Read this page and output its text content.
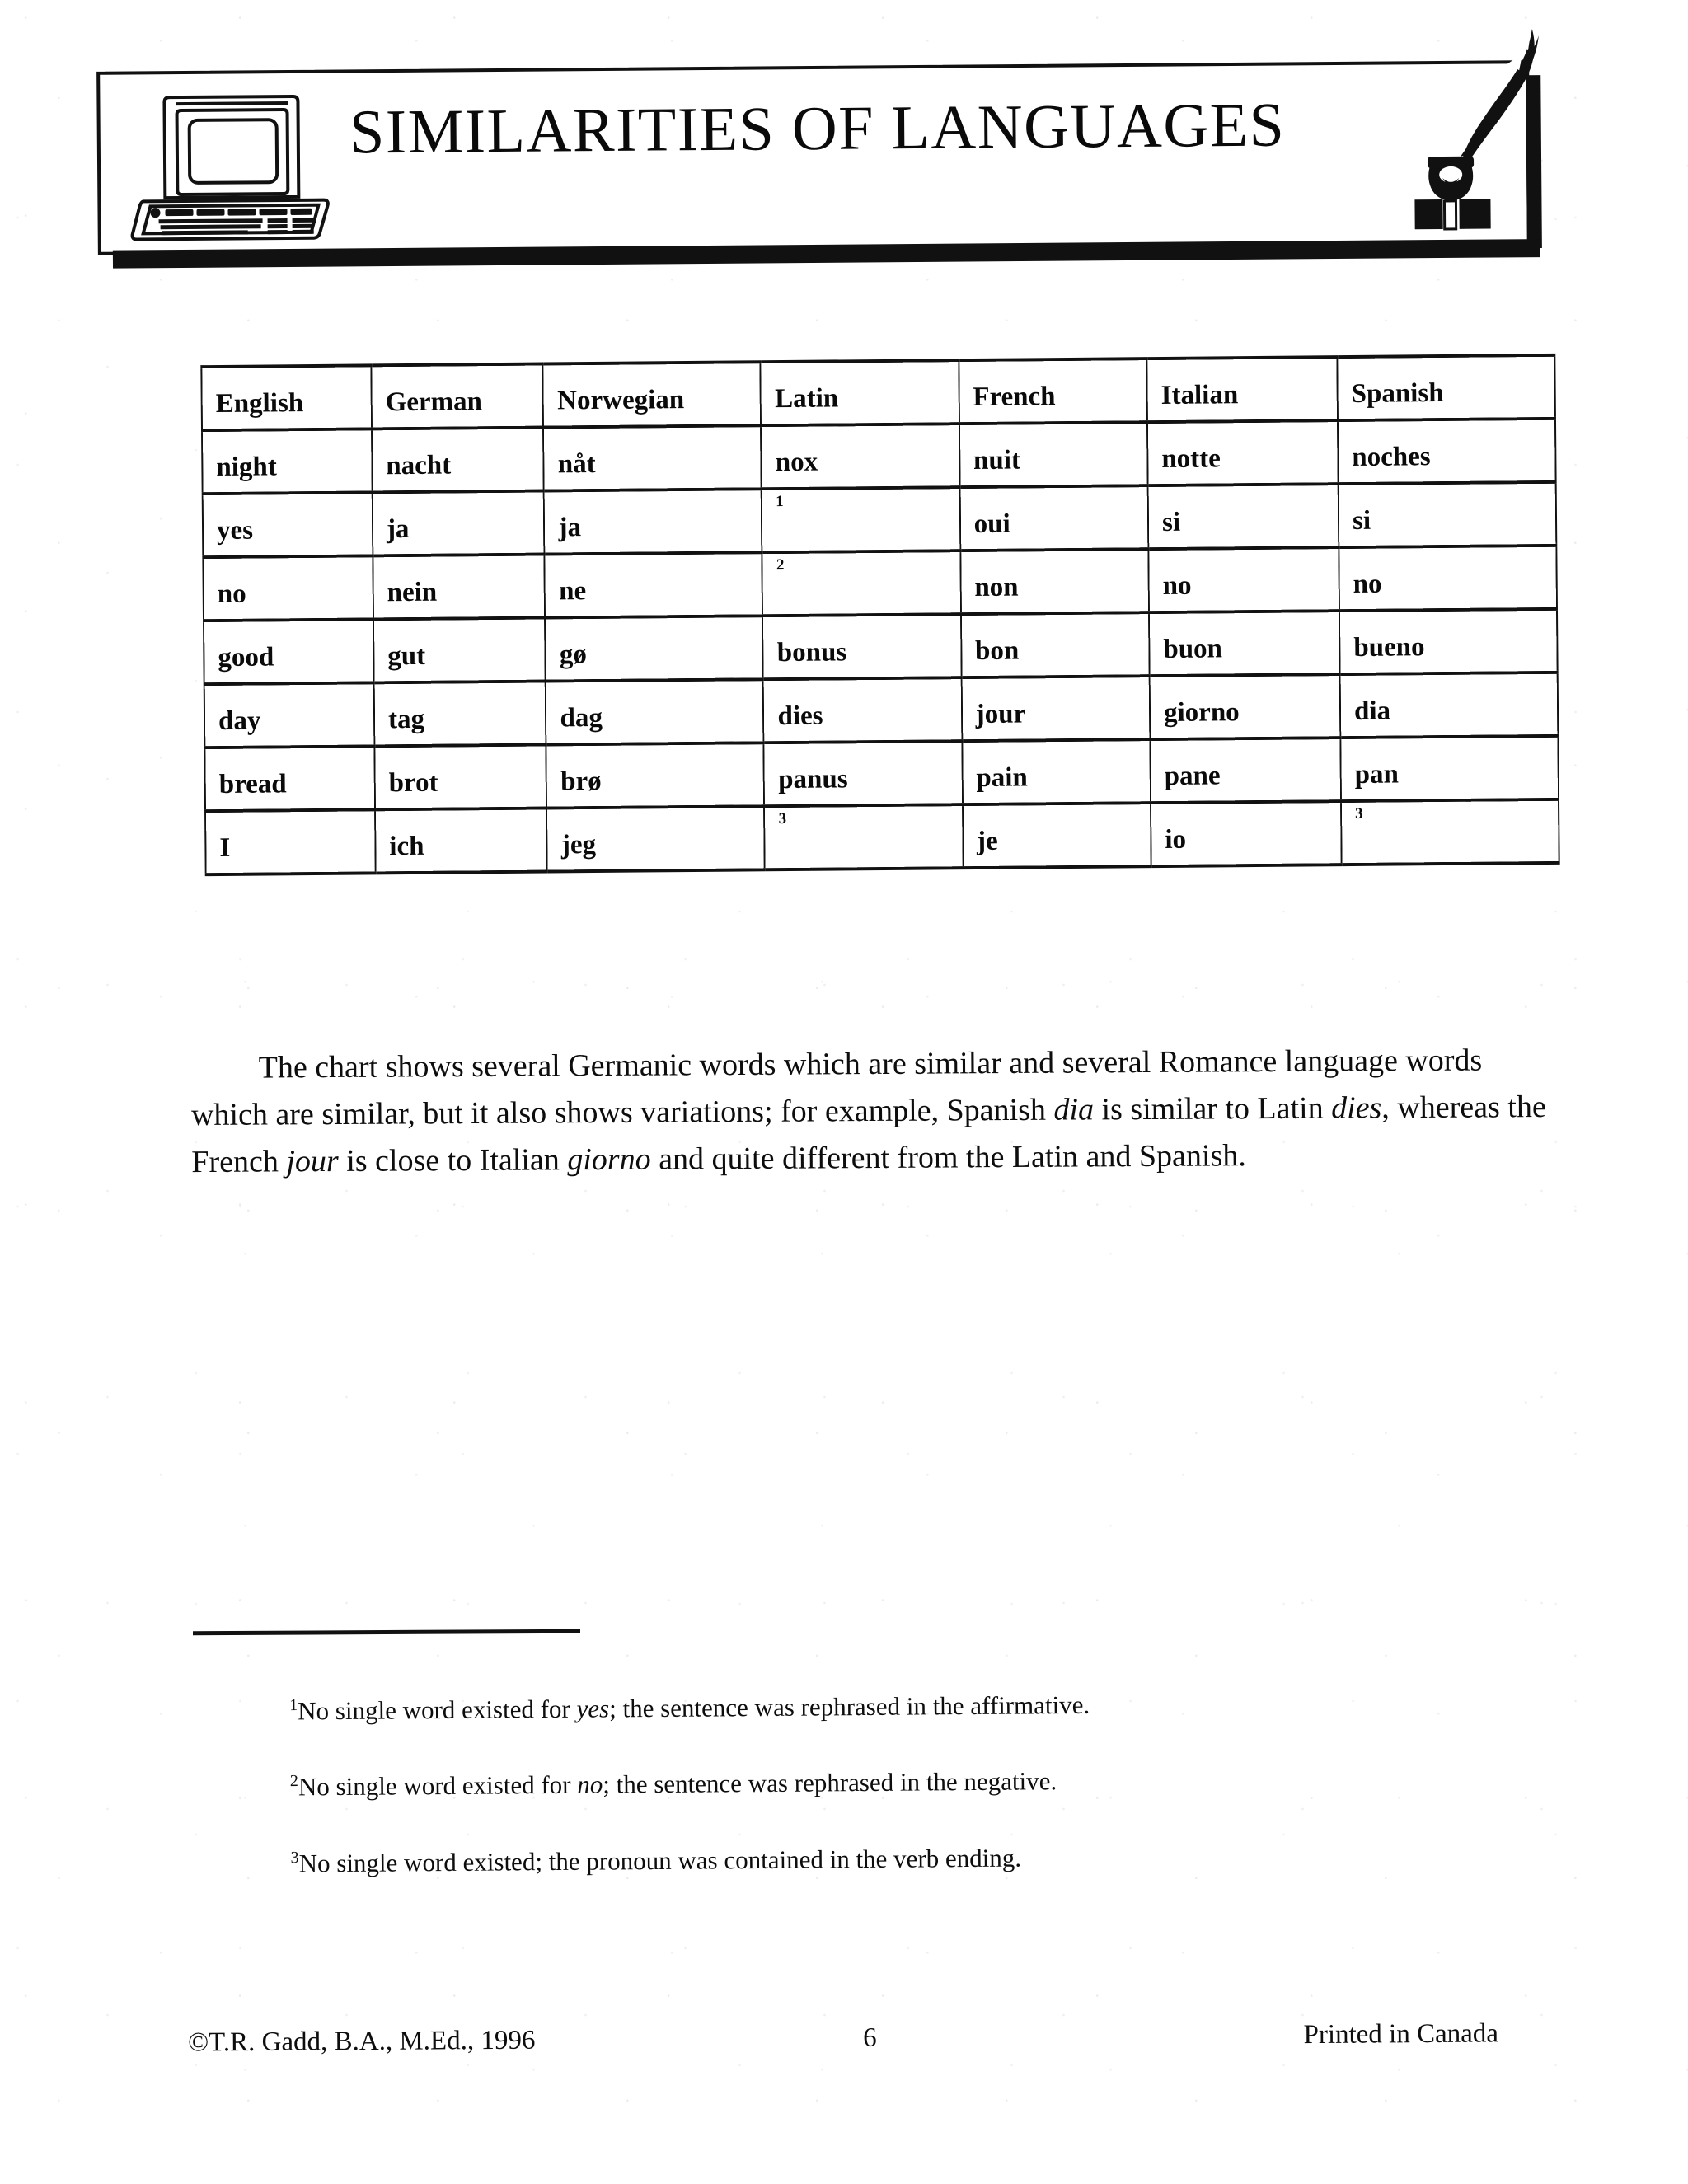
SIMILARITIES OF LANGUAGES
English	German	Norwegian	Latin	French	Italian	Spanish
night	nacht	nåt	nox	nuit	notte	noches
yes	ja	ja	1	oui	si	si
no	nein	ne	2	non	no	no
good	gut	gø	bonus	bon	buon	bueno
day	tag	dag	dies	jour	giorno	dia
bread	brot	brø	panus	pain	pane	pan
I	ich	jeg	3	je	io	3

The chart shows several Germanic words which are similar and several Romance language words which are similar, but it also shows variations; for example, Spanish dia is similar to Latin dies, whereas the French jour is close to Italian giorno and quite different from the Latin and Spanish.

$^1$No single word existed for yes; the sentence was rephrased in the affirmative.

$^2$No single word existed for no; the sentence was rephrased in the negative.

$^3$No single word existed; the pronoun was contained in the verb ending.

©T.R. Gadd, B.A., M.Ed., 1996	6	Printed in Canada
